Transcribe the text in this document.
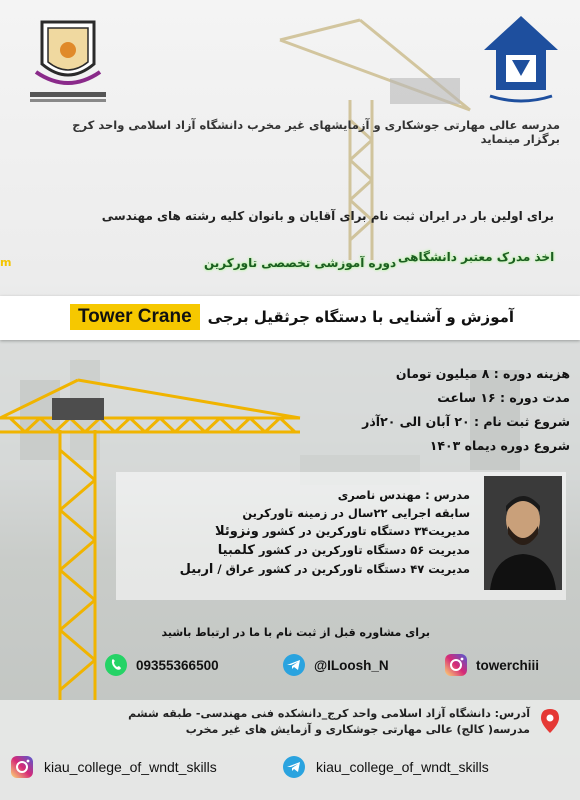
مدرسه عالی مهارتی جوشکاری و آزمایشهای غیر مخرب دانشگاه آزاد اسلامی واحد کرج برگزار مینماید
برای اولین بار در ایران ثبت نام برای آقایان و بانوان کلیه رشته های مهندسی
اخذ مدرک معتبر دانشگاهی
دوره آموزشی تخصصی تاورکرین
m
آموزش و آشنایی با دستگاه جرثقیل برجی
Tower Crane
هزینه دوره : ۸ میلیون تومان
مدت دوره : ۱۶ ساعت
شروع ثبت نام : ۲۰ آبان الی ۲۰آذر
شروع دوره دیماه ۱۴۰۳
مدرس : مهندس ناصری
سابقه اجرایی ۲۲سال در زمینه تاورکرین
مدیریت۳۴ دستگاه تاورکرین در کشور ونزوئلا
مدیریت ۵۶ دستگاه تاورکرین در کشور کلمبیا
مدیریت ۴۷ دستگاه تاورکرین در کشور عراق / اربیل
برای مشاوره قبل از ثبت نام با ما در ارتباط باشید
09355366500	@ILoosh_N	towerchiii
آدرس: دانشگاه آزاد اسلامی واحد کرج_دانشکده فنی مهندسی- طبقه ششم
مدرسه( کالج) عالی مهارتی جوشکاری و آزمایش های غیر مخرب
kiau_college_of_wndt_skills	kiau_college_of_wndt_skills
